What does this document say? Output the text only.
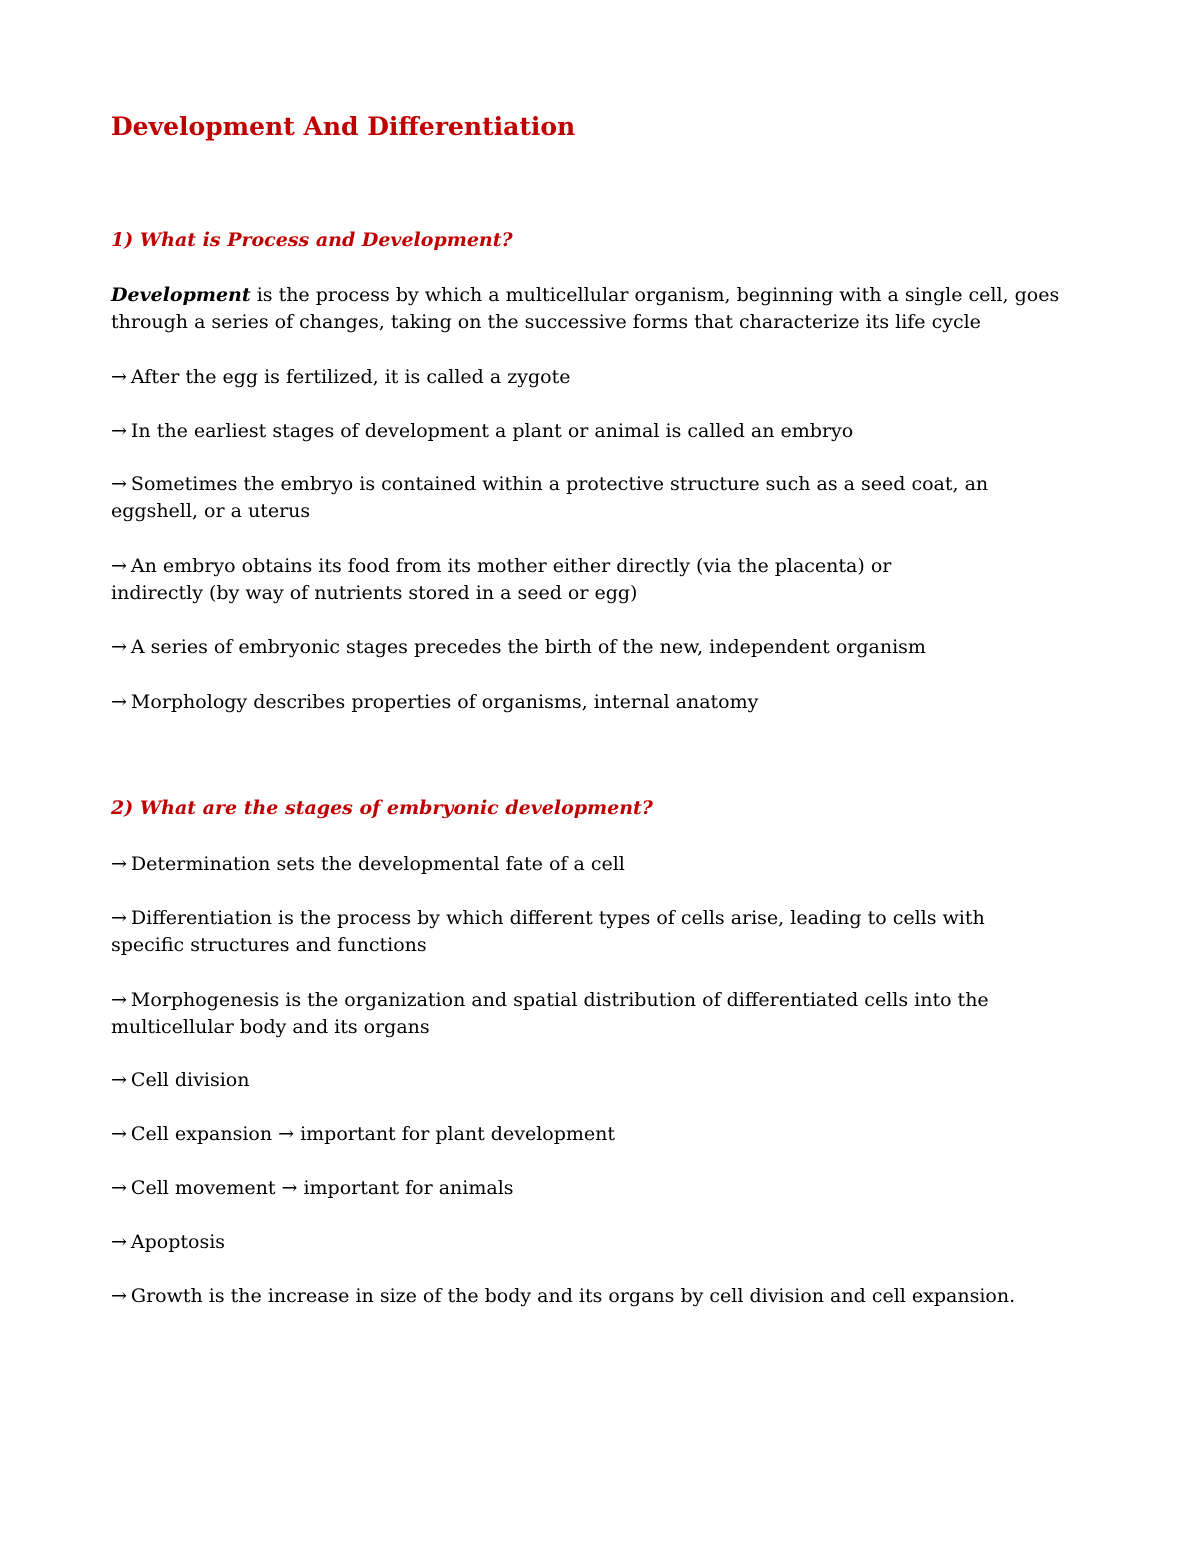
Development And Differentiation
1) What is Process and Development?

Development is the process by which a multicellular organism, beginning with a single cell, goes through a series of changes, taking on the successive forms that characterize its life cycle

→ After the egg is fertilized, it is called a zygote

→ In the earliest stages of development a plant or animal is called an embryo

→ Sometimes the embryo is contained within a protective structure such as a seed coat, an eggshell, or a uterus

→ An embryo obtains its food from its mother either directly (via the placenta) or indirectly (by way of nutrients stored in a seed or egg)

→ A series of embryonic stages precedes the birth of the new, independent organism

→ Morphology describes properties of organisms, internal anatomy

2) What are the stages of embryonic development?

→ Determination sets the developmental fate of a cell

→ Differentiation is the process by which different types of cells arise, leading to cells with specific structures and functions

→ Morphogenesis is the organization and spatial distribution of differentiated cells into the multicellular body and its organs

→ Cell division

→ Cell expansion → important for plant development

→ Cell movement → important for animals

→ Apoptosis

→ Growth is the increase in size of the body and its organs by cell division and cell expansion.
